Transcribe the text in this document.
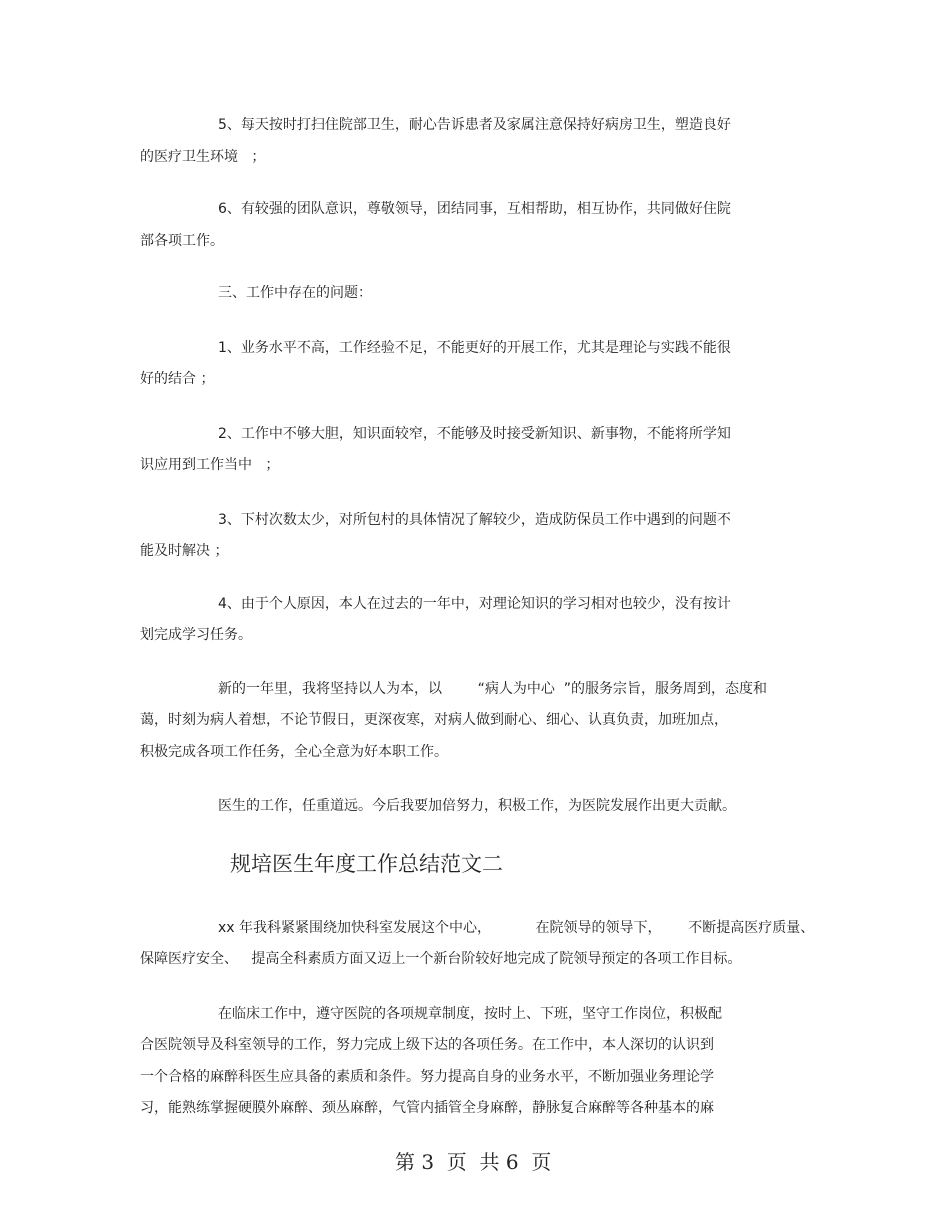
5、每天按时打扫住院部卫生，耐心告诉患者及家属注意保持好病房卫生，塑造良好
的医疗卫生环境   ；
6、有较强的团队意识，尊敬领导，团结同事，互相帮助，相互协作，共同做好住院
部各项工作。
三、工作中存在的问题：
1、业务水平不高，工作经验不足，不能更好的开展工作，尤其是理论与实践不能很
好的结合 ；
2、工作中不够大胆，知识面较窄，不能够及时接受新知识、新事物，不能将所学知
识应用到工作当中   ；
3、下村次数太少，对所包村的具体情况了解较少，造成防保员工作中遇到的问题不
能及时解决 ；
4、由于个人原因，本人在过去的一年中，对理论知识的学习相对也较少，没有按计
划完成学习任务。
新的一年里，我将坚持以人为本，以        “病人为中心  ”的服务宗旨，服务周到，态度和
蔼，时刻为病人着想，不论节假日，更深夜寒，对病人做到耐心、细心、认真负责，加班加点，
积极完成各项工作任务，全心全意为好本职工作。
医生的工作，任重道远。今后我要加倍努力，积极工作，为医院发展作出更大贡献。
规培医生年度工作总结范文二
xx 年我科紧紧围绕加快科室发展这个中心，          在院领导的领导下，      不断提高医疗质量、
保障医疗安全、   提高全科素质方面又迈上一个新台阶较好地完成了院领导预定的各项工作目标。
在临床工作中，遵守医院的各项规章制度，按时上、下班，坚守工作岗位，积极配
合医院领导及科室领导的工作，努力完成上级下达的各项任务。在工作中，本人深切的认识到
一个合格的麻醉科医生应具备的素质和条件。努力提高自身的业务水平，不断加强业务理论学
习，能熟练掌握硬膜外麻醉、颈丛麻醉，气管内插管全身麻醉，静脉复合麻醉等各种基本的麻
第 3  页  共 6  页
